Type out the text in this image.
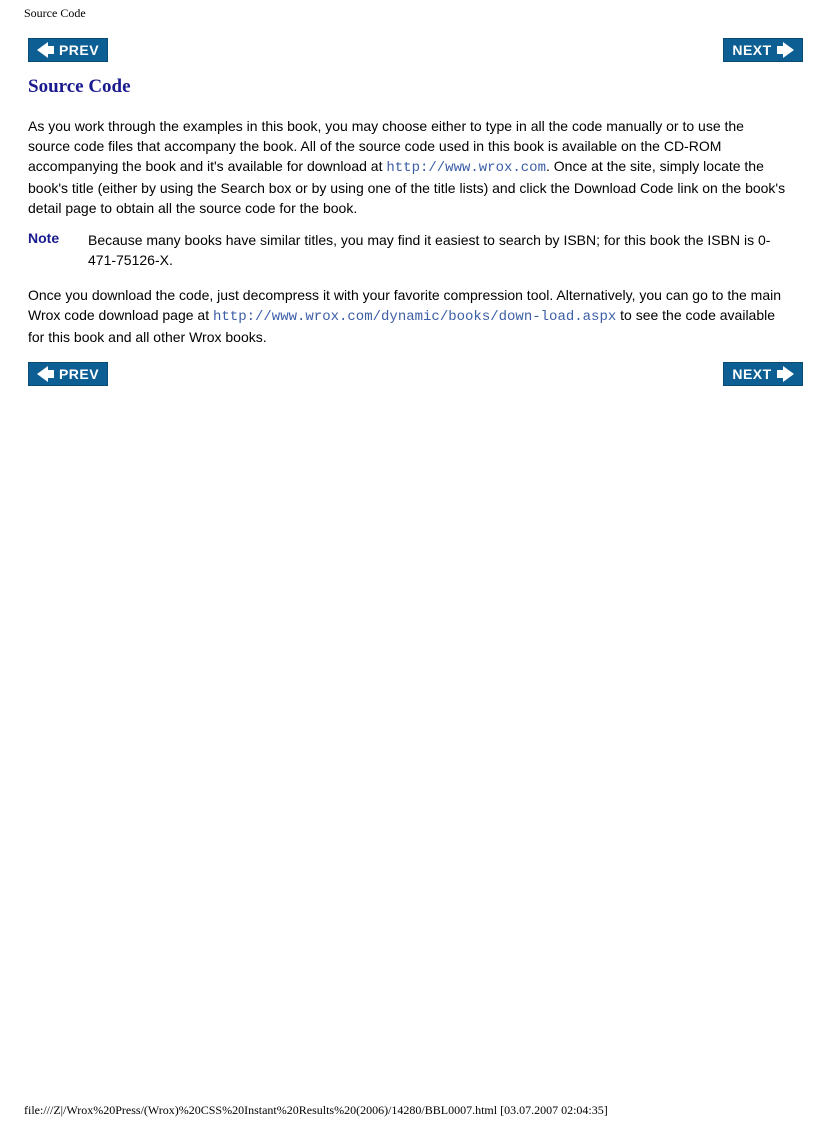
Source Code
PREV	NEXT
Source Code

As you work through the examples in this book, you may choose either to type in all the code manually or to use the source code files that accompany the book. All of the source code used in this book is available on the CD-ROM accompanying the book and it's available for download at http://www.wrox.com. Once at the site, simply locate the book's title (either by using the Search box or by using one of the title lists) and click the Download Code link on the book's detail page to obtain all the source code for the book.

Note Because many books have similar titles, you may find it easiest to search by ISBN; for this book the ISBN is 0-471-75126-X.

Once you download the code, just decompress it with your favorite compression tool. Alternatively, you can go to the main Wrox code download page at http://www.wrox.com/dynamic/books/down-load.aspx to see the code available for this book and all other Wrox books.

PREV	NEXT
file:///Z|/Wrox%20Press/(Wrox)%20CSS%20Instant%20Results%20(2006)/14280/BBL0007.html [03.07.2007 02:04:35]
